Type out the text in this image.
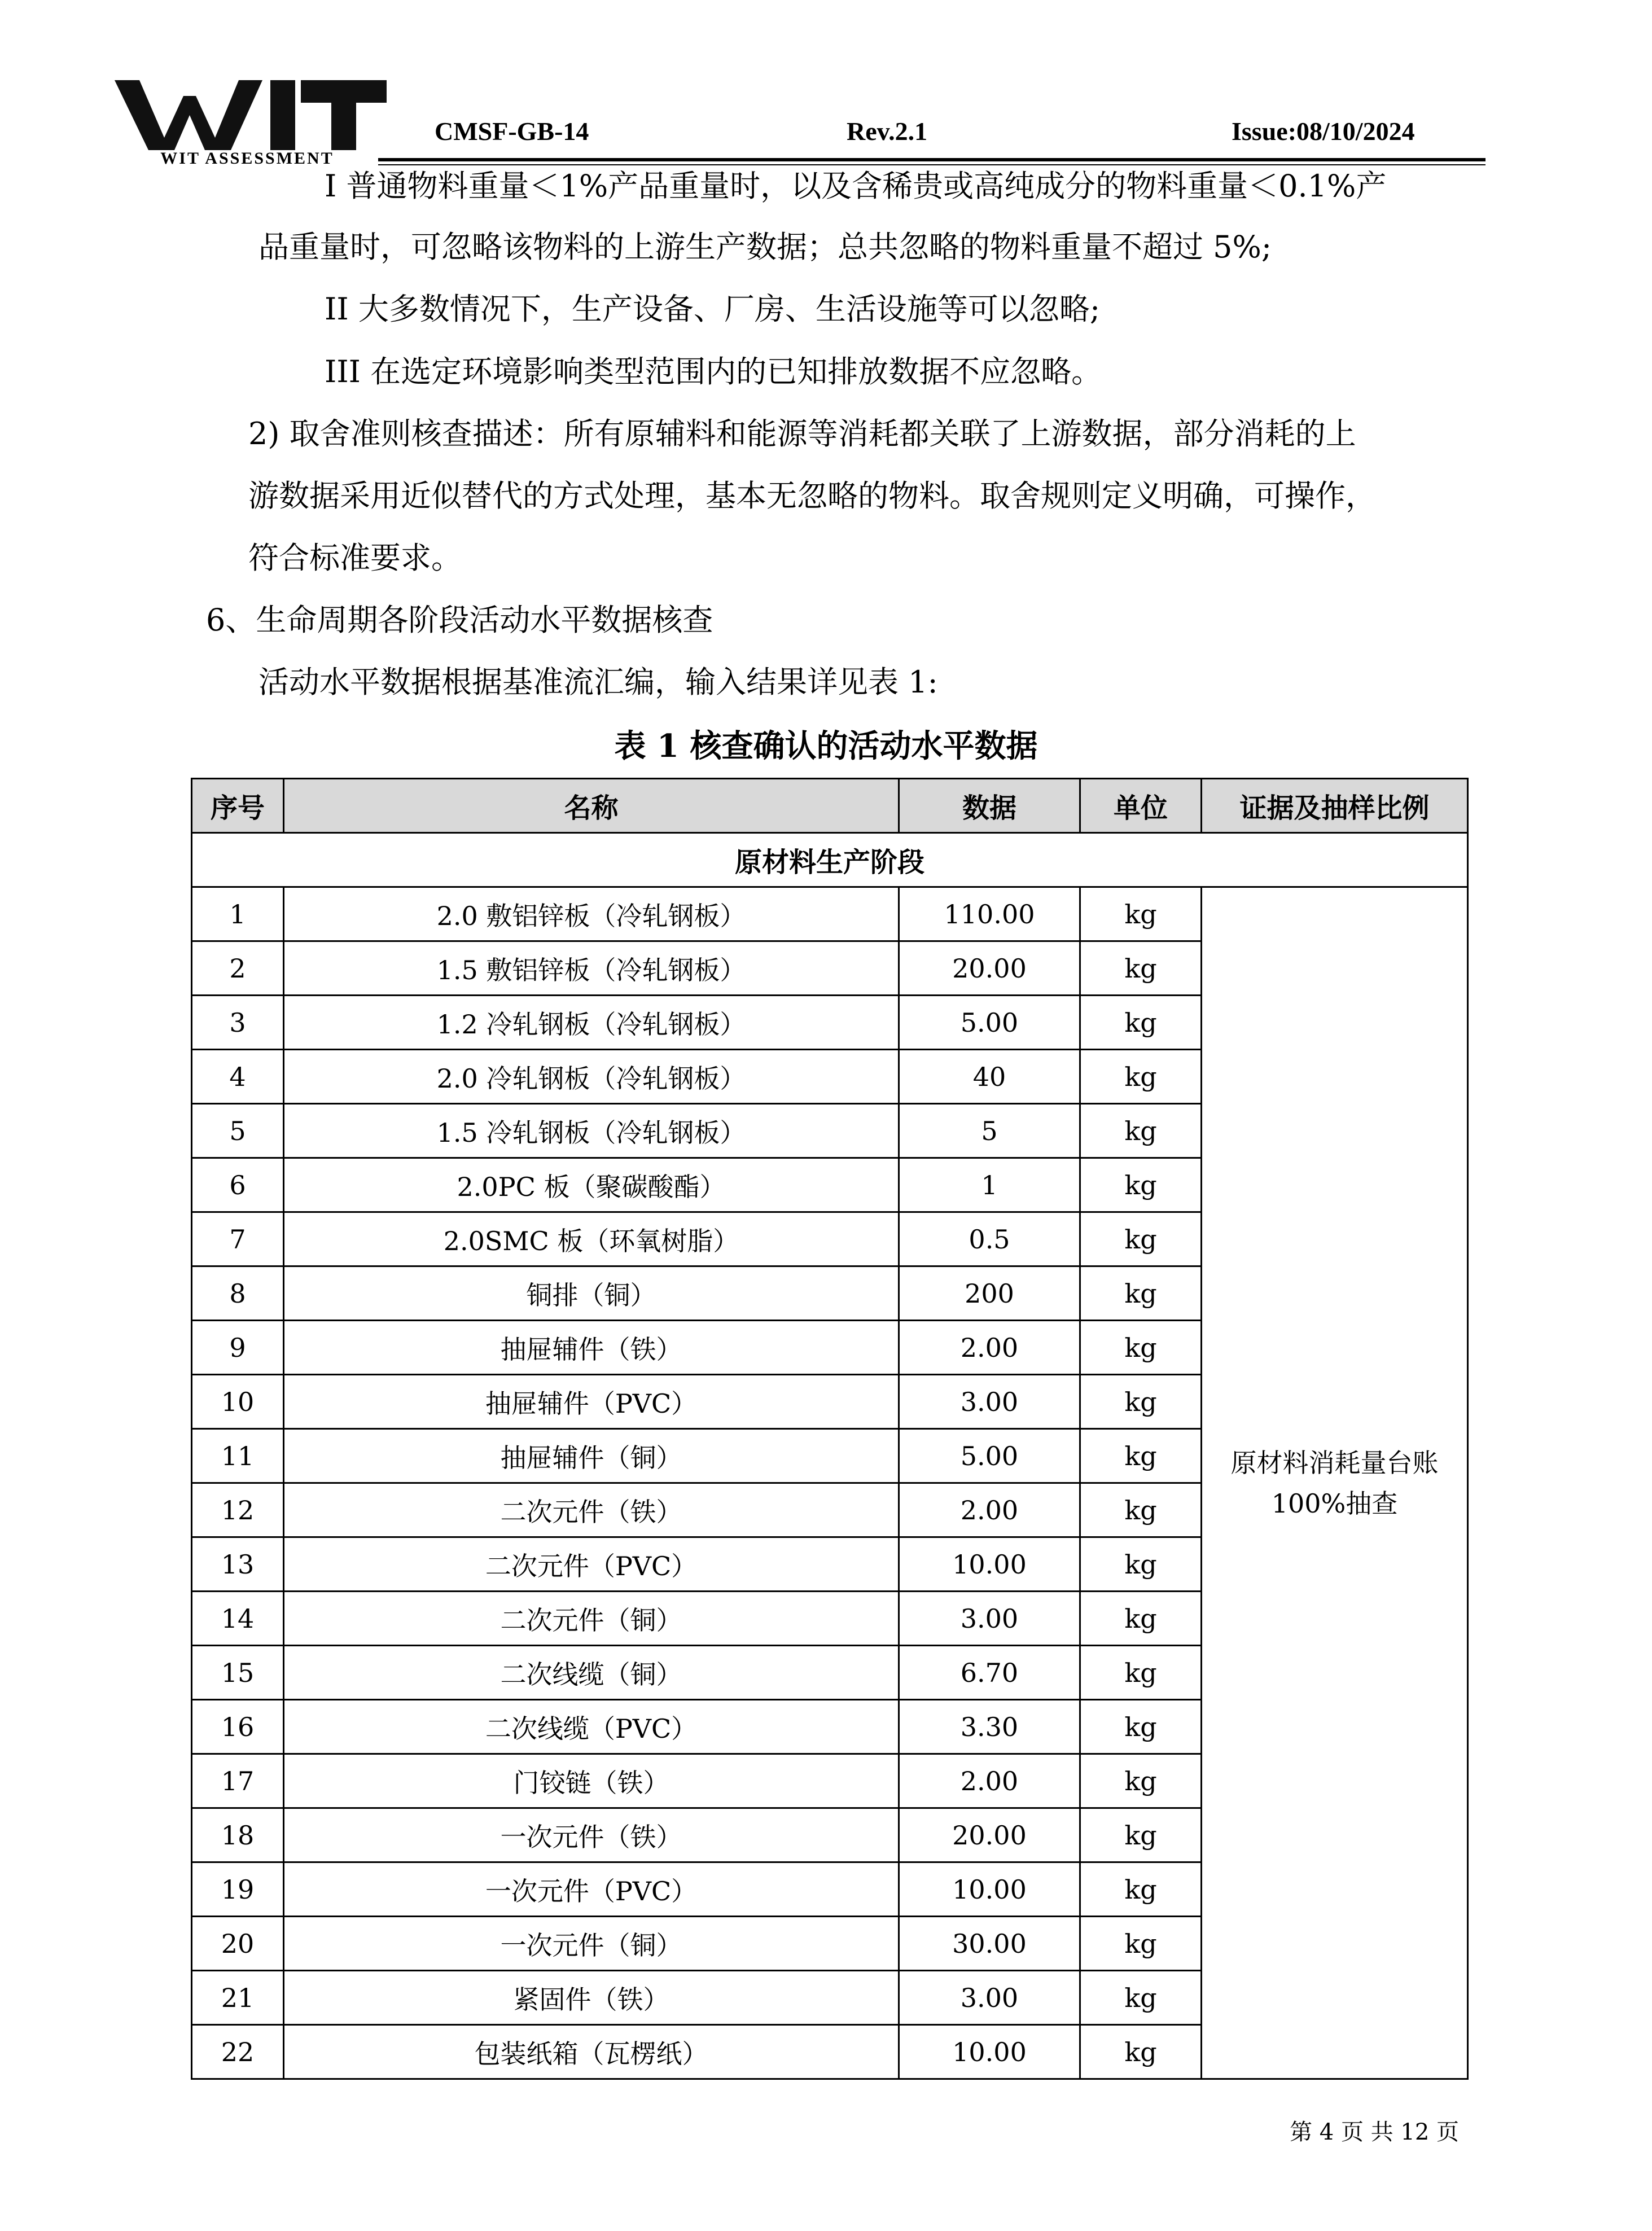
WIT ASSESSMENT
CMSF-GB-14	Rev.2.1	Issue:08/10/2024
I 普通物料重量＜1%产品重量时，以及含稀贵或高纯成分的物料重量＜0.1%产
品重量时，可忽略该物料的上游生产数据；总共忽略的物料重量不超过 5%;
II 大多数情况下，生产设备、厂房、生活设施等可以忽略;
III 在选定环境影响类型范围内的已知排放数据不应忽略。
2) 取舍准则核查描述：所有原辅料和能源等消耗都关联了上游数据，部分消耗的上
游数据采用近似替代的方式处理，基本无忽略的物料。取舍规则定义明确，可操作，
符合标准要求。
6、生命周期各阶段活动水平数据核查
活动水平数据根据基准流汇编，输入结果详见表 1:
表 1 核查确认的活动水平数据
序号	名称	数据	单位	证据及抽样比例
原材料生产阶段				
1	2.0 敷铝锌板（冷轧钢板）	110.00	kg	原材料消耗量台账100%抽查
2	1.5 敷铝锌板（冷轧钢板）	20.00	kg	
3	1.2 冷轧钢板（冷轧钢板）	5.00	kg	
4	2.0 冷轧钢板（冷轧钢板）	40	kg	
5	1.5 冷轧钢板（冷轧钢板）	5	kg	
6	2.0PC 板（聚碳酸酯）	1	kg	
7	2.0SMC 板（环氧树脂）	0.5	kg	
8	铜排（铜）	200	kg	
9	抽屉辅件（铁）	2.00	kg	
10	抽屉辅件（PVC）	3.00	kg	
11	抽屉辅件（铜）	5.00	kg	
12	二次元件（铁）	2.00	kg	
13	二次元件（PVC）	10.00	kg	
14	二次元件（铜）	3.00	kg	
15	二次线缆（铜）	6.70	kg	
16	二次线缆（PVC）	3.30	kg	
17	门铰链（铁）	2.00	kg	
18	一次元件（铁）	20.00	kg	
19	一次元件（PVC）	10.00	kg	
20	一次元件（铜）	30.00	kg	
21	紧固件（铁）	3.00	kg	
22	包装纸箱（瓦楞纸）	10.00	kg	
第 4 页 共 12 页
